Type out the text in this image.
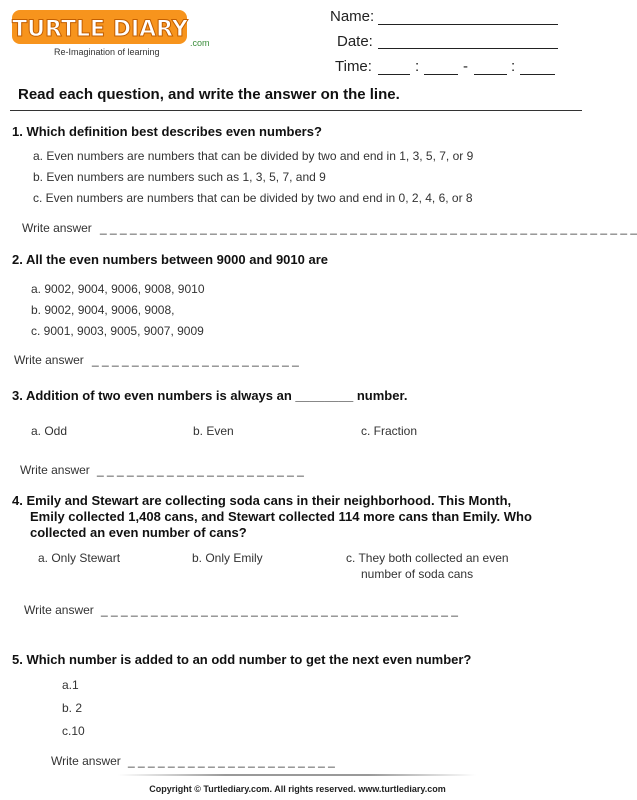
TURTLE DIARY
.com
Re-Imagination of learning
Name:
Date:
Time:	:	-	:
Read each question, and write the answer on the line.
1. Which definition best describes even numbers?
a. Even numbers are numbers that can be divided by two and end in 1, 3, 5, 7, or 9
b. Even numbers are numbers such as 1, 3, 5, 7, and 9
c. Even numbers are numbers that can be divided by two and end in 0, 2, 4, 6, or 8
Write answer _ _ _ _ _ _ _ _ _ _ _ _ _ _ _ _ _ _ _ _ _ _ _ _ _ _ _ _ _ _ _ _ _ _ _ _ _ _ _ _ _ _ _ _ _ _ _ _ _ _ _ _ _ _
2. All the even numbers between 9000 and 9010 are
a. 9002, 9004, 9006, 9008, 9010
b. 9002, 9004, 9006, 9008,
c. 9001, 9003, 9005, 9007, 9009
Write answer _ _ _ _ _ _ _ _ _ _ _ _ _ _ _ _ _ _ _ _ _
3. Addition of two even numbers is always an ________ number.
a. Odd	b. Even	c. Fraction
Write answer _ _ _ _ _ _ _ _ _ _ _ _ _ _ _ _ _ _ _ _ _
4. Emily and Stewart are collecting soda cans in their neighborhood. This Month,
Emily collected 1,408 cans, and Stewart collected 114 more cans than Emily. Who
collected an even number of cans?
a. Only Stewart	b. Only Emily	c. They both collected an even
number of soda cans
Write answer _ _ _ _ _ _ _ _ _ _ _ _ _ _ _ _ _ _ _ _ _ _ _ _ _ _ _ _ _ _ _ _ _ _ _ _
5. Which number is added to an odd number to get the next even number?
a.1
b. 2
c.10
Write answer _ _ _ _ _ _ _ _ _ _ _ _ _ _ _ _ _ _ _ _ _
Copyright © Turtlediary.com. All rights reserved. www.turtlediary.com
